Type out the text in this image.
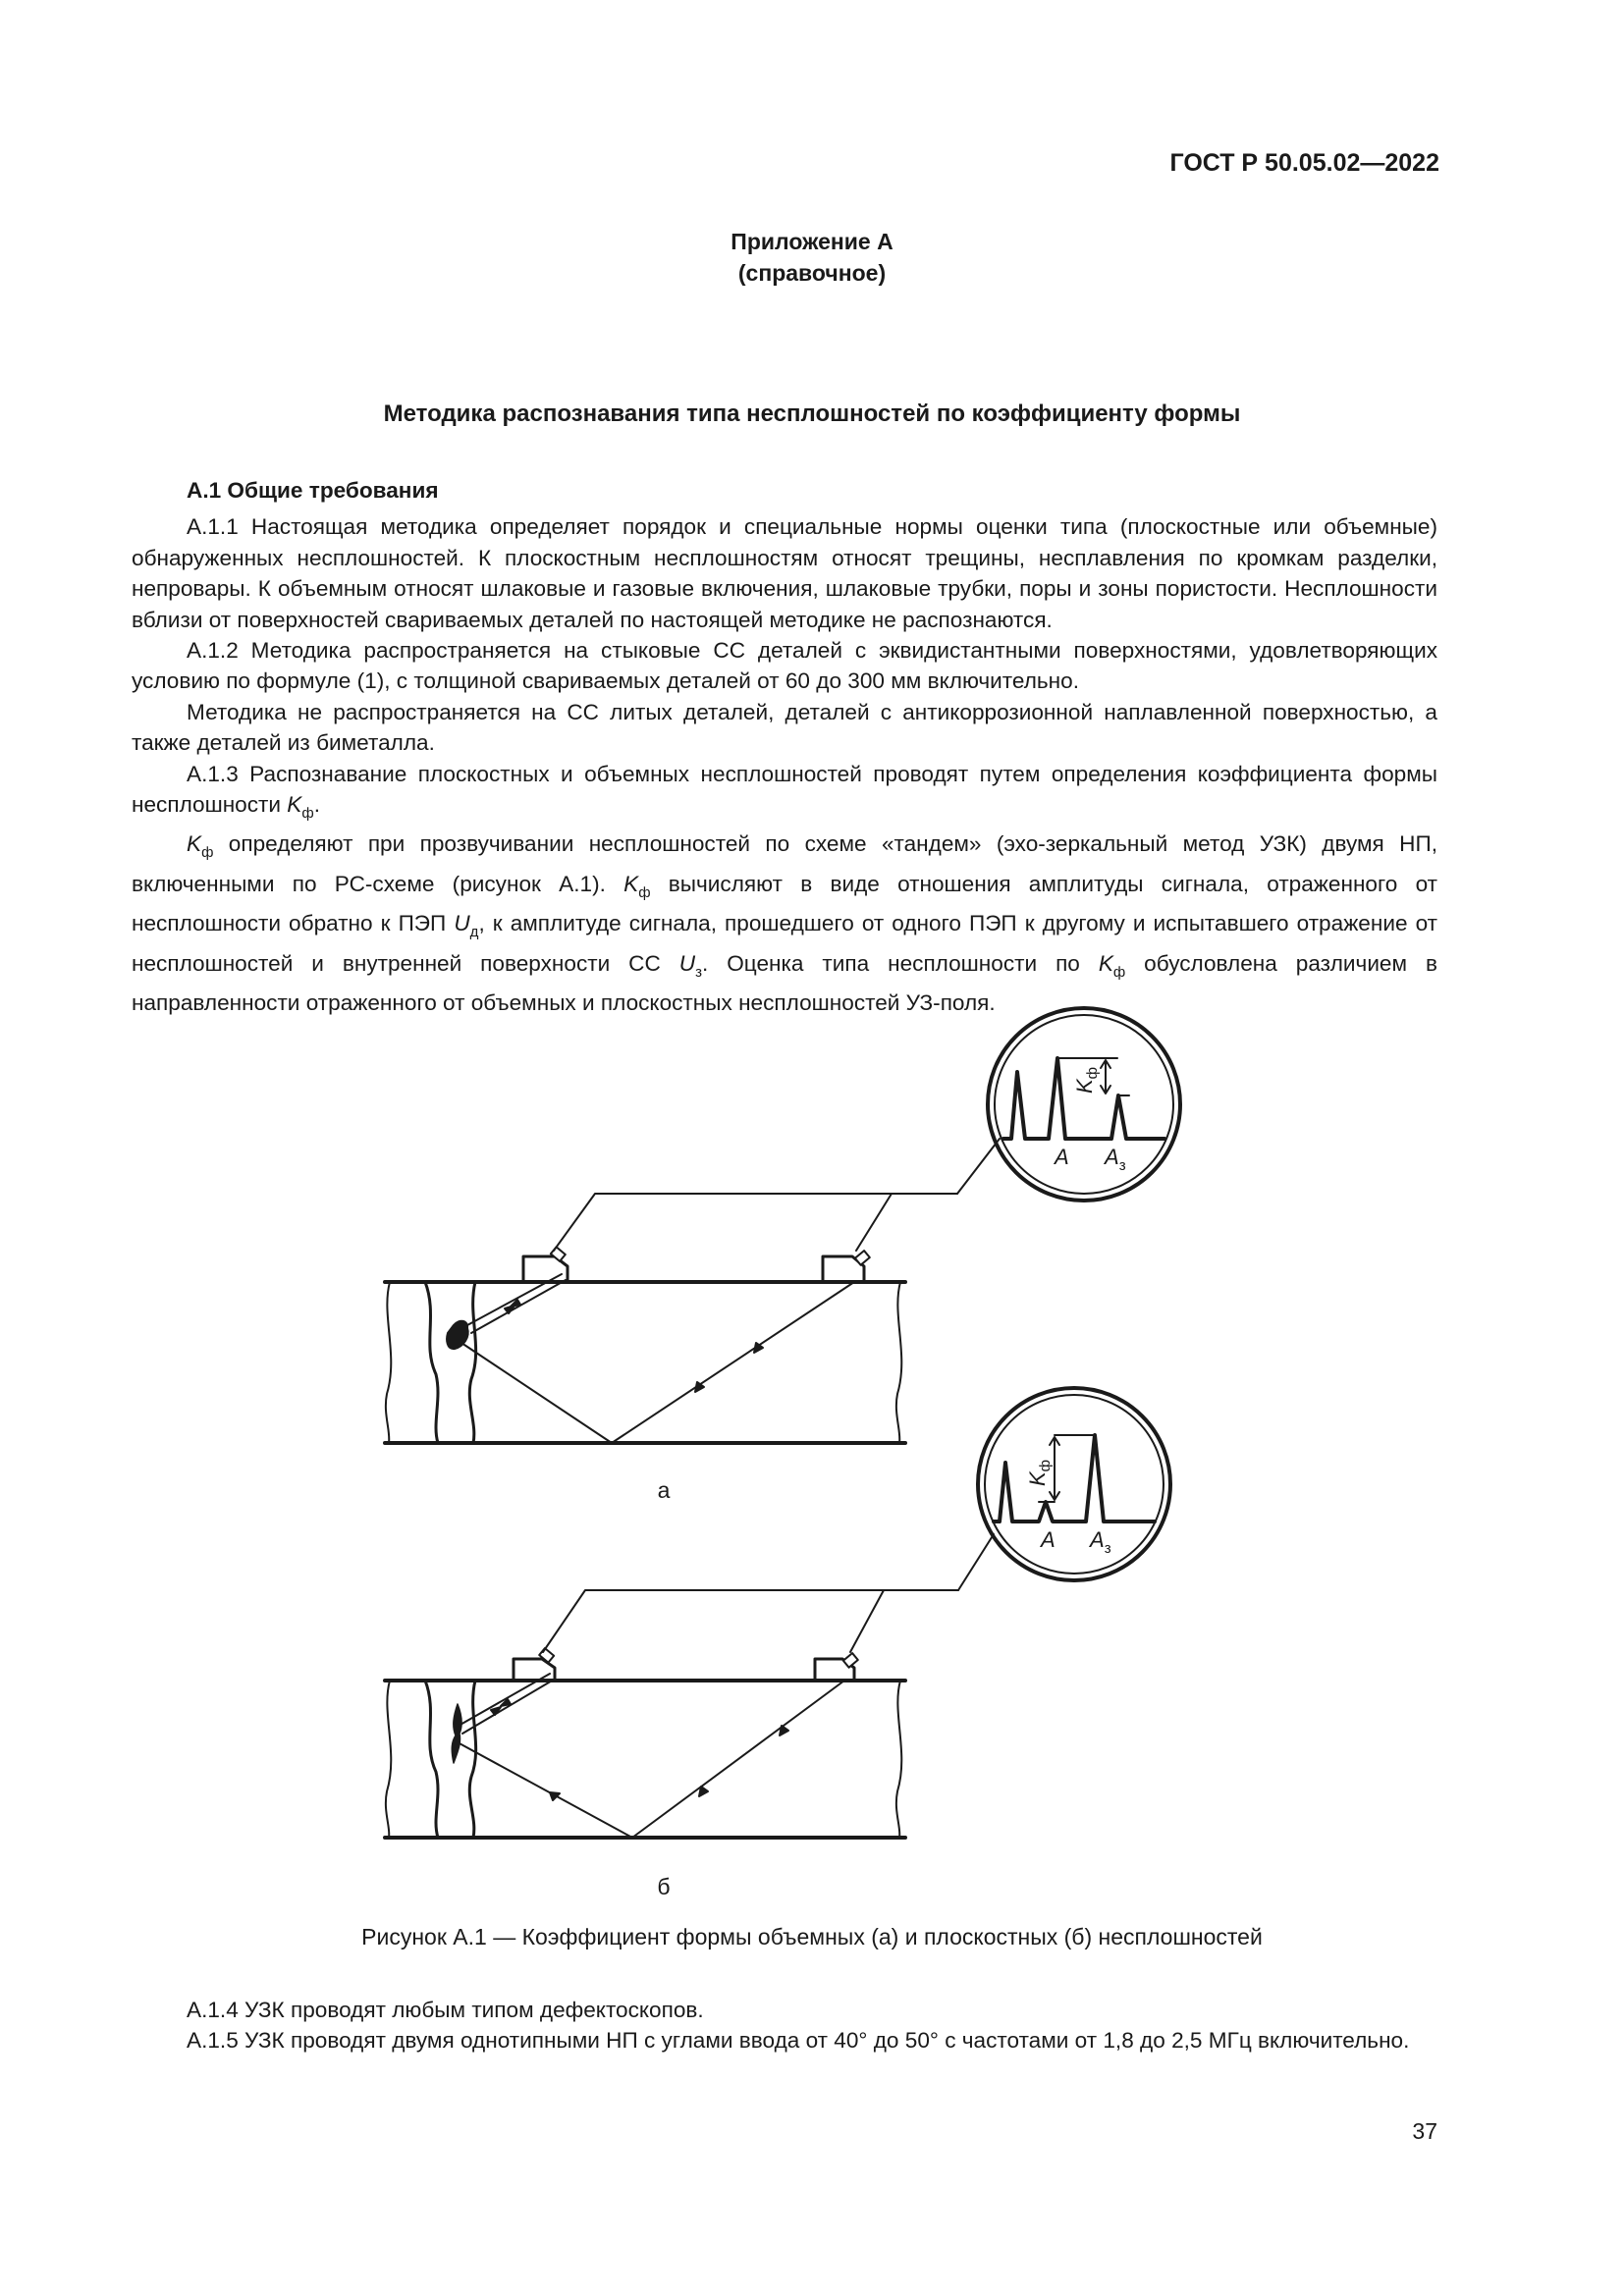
ГОСТ Р 50.05.02—2022
Приложение А
(справочное)
Методика распознавания типа несплошностей по коэффициенту формы

А.1 Общие требования

А.1.1 Настоящая методика определяет порядок и специальные нормы оценки типа (плоскостные или объемные) обнаруженных несплошностей. К плоскостным несплошностям относят трещины, несплавления по кромкам разделки, непровары. К объемным относят шлаковые и газовые включения, шлаковые трубки, поры и зоны пористости. Несплошности вблизи от поверхностей свариваемых деталей по настоящей методике не распознаются.

А.1.2 Методика распространяется на стыковые СС деталей с эквидистантными поверхностями, удовлетворяющих условию по формуле (1), с толщиной свариваемых деталей от 60 до 300 мм включительно.

Методика не распространяется на СС литых деталей, деталей с антикоррозионной наплавленной поверхностью, а также деталей из биметалла.

А.1.3 Распознавание плоскостных и объемных несплошностей проводят путем определения коэффициента формы несплошности $K_ф$.

$K_ф$ определяют при прозвучивании несплошностей по схеме «тандем» (эхо-зеркальный метод УЗК) двумя НП, включенными по РС-схеме (рисунок А.1). $K_ф$ вычисляют в виде отношения амплитуды сигнала, отраженного от несплошности обратно к ПЭП $U_д$, к амплитуде сигнала, прошедшего от одного ПЭП к другому и испытавшего отражение от несплошностей и внутренней поверхности СС $U_з$. Оценка типа несплошности по $K_ф$ обусловлена различием в направленности отраженного от объемных и плоскостных несплошностей УЗ-поля.

$K_ф$
A $A_з$
$K_ф$
A $A_з$
а
б
Рисунок А.1 — Коэффициент формы объемных (а) и плоскостных (б) несплошностей

А.1.4 УЗК проводят любым типом дефектоскопов.

А.1.5 УЗК проводят двумя однотипными НП с углами ввода от 40° до 50° с частотами от 1,8 до 2,5 МГц включительно.

37
